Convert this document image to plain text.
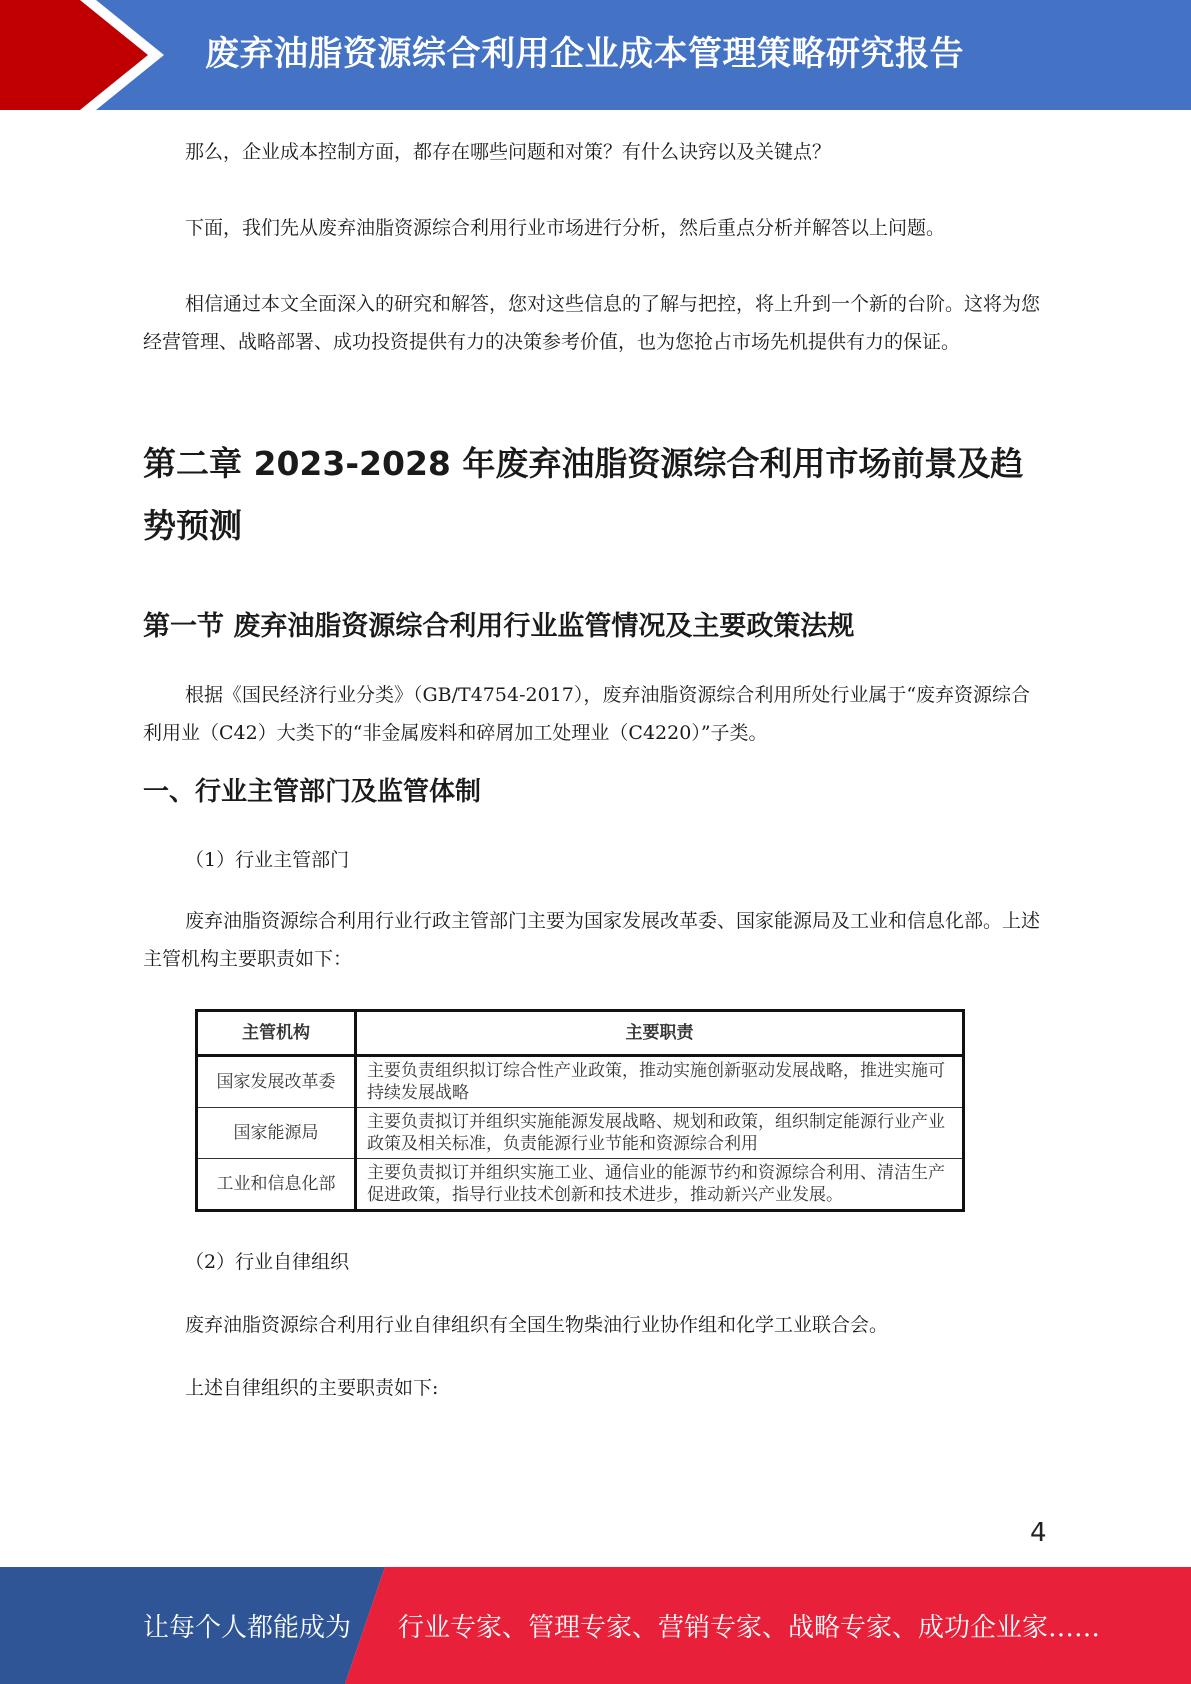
废弃油脂资源综合利用企业成本管理策略研究报告

那么，企业成本控制方面，都存在哪些问题和对策？有什么诀窍以及关键点？

下面，我们先从废弃油脂资源综合利用行业市场进行分析，然后重点分析并解答以上问题。

相信通过本文全面深入的研究和解答，您对这些信息的了解与把控，将上升到一个新的台阶。这将为您经营管理、战略部署、成功投资提供有力的决策参考价值，也为您抢占市场先机提供有力的保证。

第二章 2023-2028 年废弃油脂资源综合利用市场前景及趋势预测
第一节 废弃油脂资源综合利用行业监管情况及主要政策法规

根据《国民经济行业分类》（GB/T4754-2017），废弃油脂资源综合利用所处行业属于“废弃资源综合利用业（C42）大类下的“非金属废料和碎屑加工处理业（C4220）”子类。

一、行业主管部门及监管体制

（1）行业主管部门

废弃油脂资源综合利用行业行政主管部门主要为国家发展改革委、国家能源局及工业和信息化部。上述主管机构主要职责如下：

主管机构	主要职责
国家发展改革委	主要负责组织拟订综合性产业政策，推动实施创新驱动发展战略，推进实施可持续发展战略
国家能源局	主要负责拟订并组织实施能源发展战略、规划和政策，组织制定能源行业产业政策及相关标准，负责能源行业节能和资源综合利用
工业和信息化部	主要负责拟订并组织实施工业、通信业的能源节约和资源综合利用、清洁生产促进政策，指导行业技术创新和技术进步，推动新兴产业发展。

（2）行业自律组织

废弃油脂资源综合利用行业自律组织有全国生物柴油行业协作组和化学工业联合会。

上述自律组织的主要职责如下:

4
让每个人都能成为 行业专家、管理专家、营销专家、战略专家、成功企业家……
